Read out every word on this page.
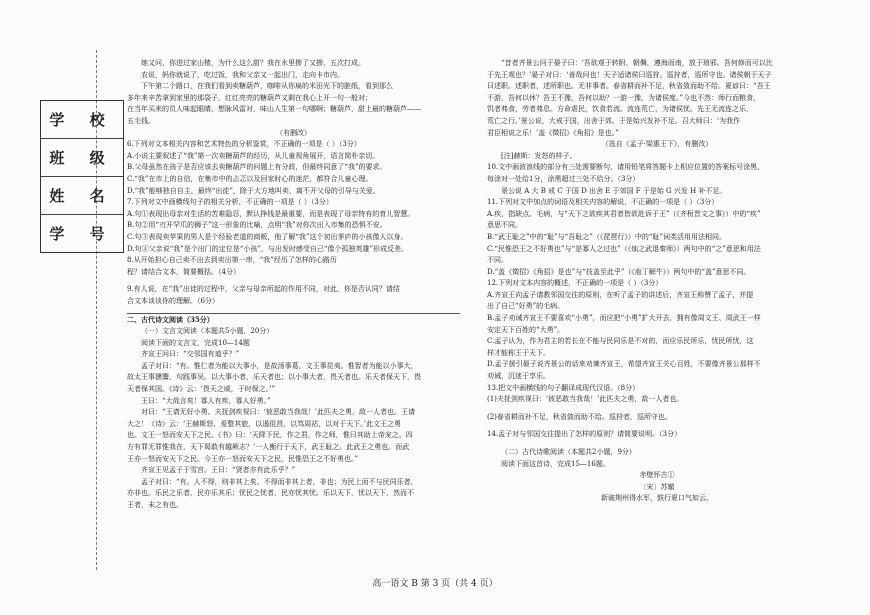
学 校
班 级
姓 名
学 号

她又问，你进过家山楂，为什么这么甜？我在水里掺了又掺，五次打成。

农说，妈你就说了，吃过饭，我和父亲又一起出门，走向卡市内。

下午第二个路口，在我们看到卖糖葫芦，咖啡从你扁的米田光下的脏纸，看到那么

多年来辛苦拿到家里的那袋子，红红亮亮的糖葫芦又剩在我心上开一句一般对；

在当年买来的员人味起眼睛，想脉风雷对，味山人生第一句哪啊；糖葫芦，甜上最的糖葫芦——

五毛钱。

（有删改）

6.下列对文本相关内容和艺术特色的分析鉴赏，不正确的一项是（ ）（3分）

A.小说主要叙述了“我”第一次卖糖葫芦的经历，从儿童视角展开，语言简朴亲切。

B.父母虽然在孩子是否应该去卖糖葫芦的问题上有分歧，但最终同意了“我”的要求。

C.“我”在市上的自信，在集市中的忐忑以及回家时心的迷茫，都符合儿童心理。

D.“我”能够独自自主，最终“出徒”，除于大方地叫卖，离不开父母的引导与关爱。

7.下列对文中画横线句子的相关分析，不正确的一项是（ ）（3分）

A.句①表现出母亲对生活的苦难隐忍，默认挣钱是最重要，而是表现了母亲特有的育儿智慧。

B.句②用“刃开罕爪的狮子”这一形象的比喻，点明“我”对你次出入市集的恐惧不安。

C.句③表现卖苹果的男人是个经验老道的商贩，他了解“我”这个初出茅庐的小孩像人以身。

D.句④父亲说“我”是个出门的定位是“小孩”，与出发时感受自己“像个孤独英雄”形成反差。

8.从开始担心自己卖不出去到卖出第一串，“我”经历了怎样的心路历

程？请结合文本，简要概括。（4分）

9.有人说，在“我”出徒的过程中，父亲与母亲所起的作用不同，对此，你是否认同？请结

合文本谈谈你的理解。（6分）

二、古代诗文阅读（35分）

（一）文言文阅读（本题共5小题，20分）

阅读下面的文言文，完成10—14题

齐宣王问曰：“交邻国有道乎？”

孟子对曰：“有。惟仁者为能以大事小，是故汤事葛，文王事昆夷。惟智者为能以小事大，

故太王事獯鬻，句践事吴。以大事小者，乐天者也；以小事大者，畏天者也。乐天者保天下，畏

天者保其国。《诗》云：‘畏天之威，于时保之。’”

王曰：“大哉言矣！寡人有疾，寡人好勇。”

对曰：“王请无好小勇。夫抚剑疾视曰：‘彼恶敢当我哉！’此匹夫之勇，敌一人者也。王请

大之！《诗》云：‘王赫斯怒，爰整其旅，以遏徂莒，以笃周祜，以对于天下。’此文王之勇

也。文王一怒而安天下之民。《书》曰：‘天降下民，作之君，作之师，惟曰其助上帝宠之。四

方有罪无罪惟我在，天下曷敢有越厥志？’一人衡行于天下，武王耻之。此武王之勇也。而武

王亦一怒而安天下之民。今王亦一怒而安天下之民，民惟恐王之不好勇也。”

齐宣王见孟子于雪宫。王曰：“贤者亦有此乐乎？”

孟子对曰：“有。人不得，则非其上矣。不得而非其上者，非也；为民上而不与民同乐者，

亦非也。乐民之乐者，民亦乐其乐；忧民之忧者，民亦忧其忧。乐以天下，忧以天下，然而不

王者，未之有也。

“昔者齐景公问于晏子曰：‘吾欲观于转附、朝儛，遵海而南，放于琅邪。吾何修而可以比

于先王观也？’晏子对曰：‘善哉问也！天子适诸侯曰巡狩。巡狩者，巡所守也。诸侯朝于天子

曰述职。述职者，述所职也。无非事者。春省耕而补不足，秋省敛而助不给。夏谚曰：“吾王

不游，吾何以休？吾王不豫，吾何以助？一游一豫，为诸侯度。”今也不然：师行而粮食，

饥者弗食，劳者弗息。方命虐民，饮食若流。流连荒亡，为诸侯忧。先王无流连之乐，

荒亡之行。’景公说，大戒于国，出舍于郊。于是始兴发补不足。召大师曰：‘为我作

君臣相说之乐！’盖《徵招》《角招》是也。”

（选自《孟子·梁惠王下》，有删改）

[注]赫斯：发怒的样子。

10.文中画波浪线的部分有三处需要断句，请用铅笔将答题卡上相应位置的答案标号涂黑，

每涂对一处给1分，涂黑超过三处不给分。（3分）

景公说 A 大 B 戒 C 于国 D 出舍 E 于郊国 F 于是始 G 兴发 H 补不足。

11.下列对文中加点的词语及相关内容的解说，不正确的一项是（ ）（3分）

A.疾，指缺点、毛病，与“天下之欲疾其君者皆欲赴诉于王”（《齐桓晋文之事》）中的“疾”

意思不同。

B.“武王耻之”中的“耻”与“吾耻之”（《琵琶行》）中的“耻”词类活用用法相同。

C.“民惟恐王之不好勇也”与“是寡人之过也”（《烛之武退秦师》）两句中的“之”意思和用法

不同。

D.“盖《徵招》《角招》是也”与“技盖至此乎”（《庖丁解牛》）两句中的“盖”意思不同。

12.下列对文本内容的概述，不正确的一项是（ ）（3分）

A.齐宣王向孟子请教邻国交往的原则，在听了孟子的讲述后，齐宣王称赞了孟子，并提

出了自己“好勇”的毛病。

B.孟子劝诫齐宣王不要喜欢“小勇”，而应把“小勇”扩大开去，拥有像周文王、周武王一样

安定天下百姓的“大勇”。

C.孟子认为，作为君主的若长在不能与民同乐是不对的，而应乐民所乐，忧民所忧，这

样才能称王于天下。

D.孟子援引晏子说齐景公的话来劝谏齐宣王，希望齐宣王关心百姓，不要像齐景公那样不

劝诫，沉迷于享乐。

13.把文中画横线的句子翻译成现代汉语。（8分）

(1)夫抚剑疾视曰：‘彼恶敢当我哉！’此匹夫之勇，敌一人者也。

(2)春省耕而补不足，秋省敛而助不给。巡狩者，巡所守也。

14.孟子对与邻国交往提出了怎样的原则？请简要说明。（3分）

（二）古代诗歌阅读（本题共2小题，9分）

阅读下面这首诗，完成15—16题。

赤壁怀古①

〔宋〕苏辙

新破荆州得水军，鼓行夏口气如云。

高一语文 B 第 3 页（共 4 页）
